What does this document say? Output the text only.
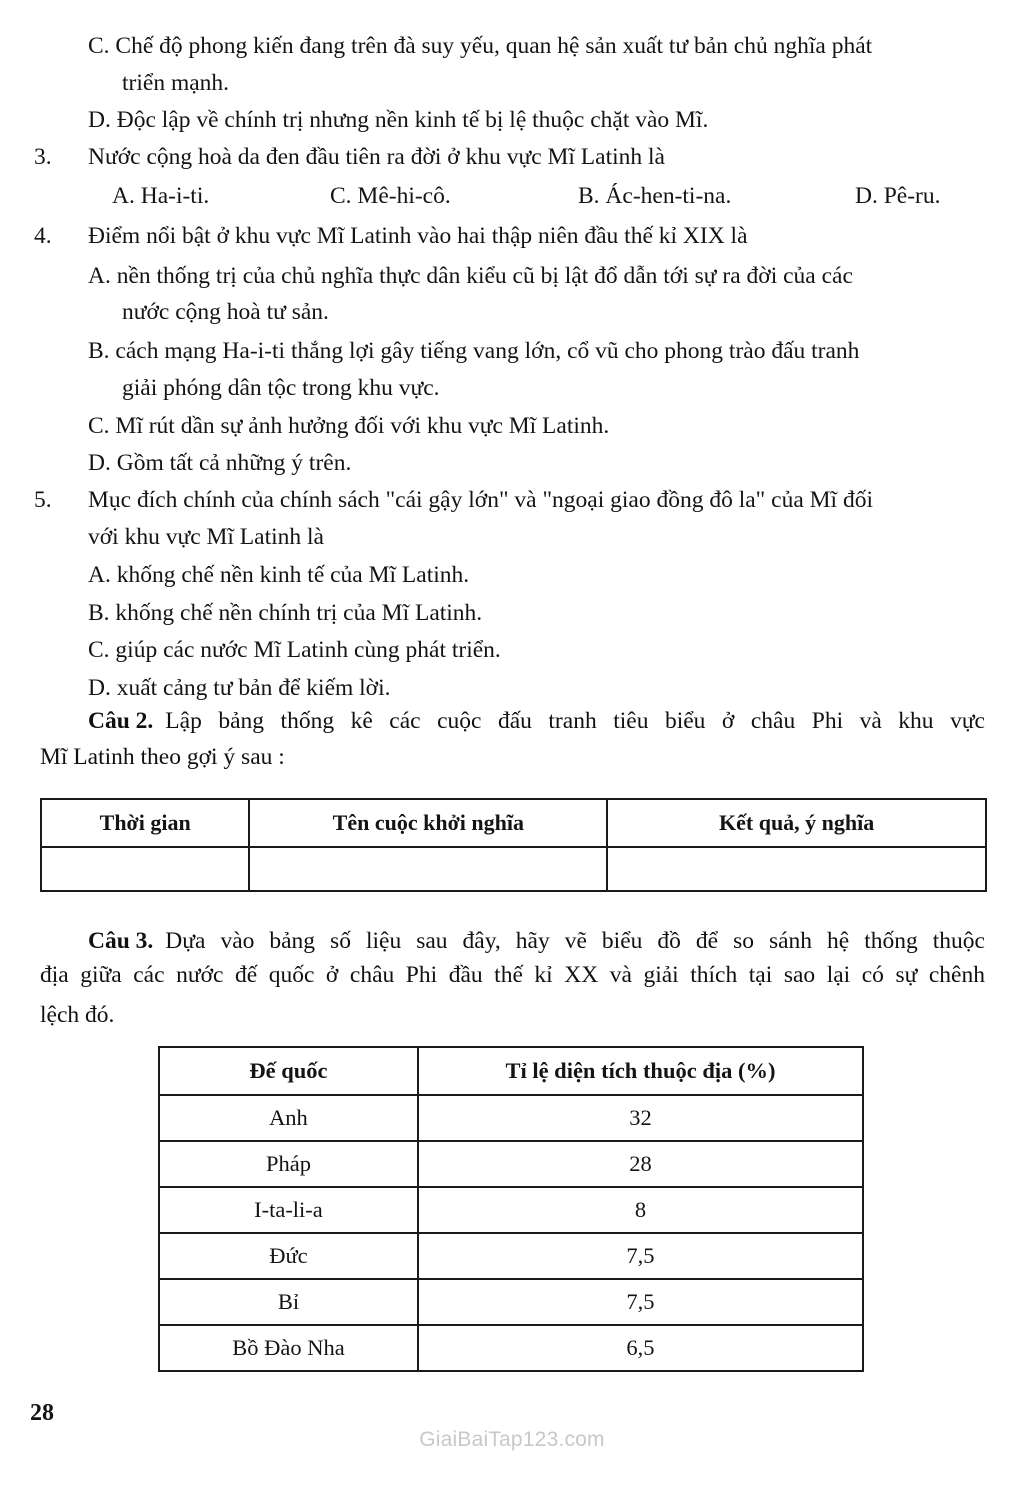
C. Chế độ phong kiến đang trên đà suy yếu, quan hệ sản xuất tư bản chủ nghĩa phát
triển mạnh.
D. Độc lập về chính trị nhưng nền kinh tế bị lệ thuộc chặt vào Mĩ.
3. Nước cộng hoà da đen đầu tiên ra đời ở khu vực Mĩ Latinh là
A. Ha-i-ti.	C. Mê-hi-cô.	B. Ác-hen-ti-na.	D. Pê-ru.
4. Điểm nổi bật ở khu vực Mĩ Latinh vào hai thập niên đầu thế kỉ XIX là
A. nền thống trị của chủ nghĩa thực dân kiểu cũ bị lật đổ dẫn tới sự ra đời của các
nước cộng hoà tư sản.
B. cách mạng Ha-i-ti thắng lợi gây tiếng vang lớn, cổ vũ cho phong trào đấu tranh
giải phóng dân tộc trong khu vực.
C. Mĩ rút dần sự ảnh hưởng đối với khu vực Mĩ Latinh.
D. Gồm tất cả những ý trên.
5. Mục đích chính của chính sách "cái gậy lớn" và "ngoại giao đồng đô la" của Mĩ đối
với khu vực Mĩ Latinh là
A. khống chế nền kinh tế của Mĩ Latinh.
B. khống chế nền chính trị của Mĩ Latinh.
C. giúp các nước Mĩ Latinh cùng phát triển.
D. xuất cảng tư bản để kiếm lời.
Câu 2. Lập bảng thống kê các cuộc đấu tranh tiêu biểu ở châu Phi và khu vực
Mĩ Latinh theo gợi ý sau :
Thời gian	Tên cuộc khởi nghĩa	Kết quả, ý nghĩa

Câu 3. Dựa vào bảng số liệu sau đây, hãy vẽ biểu đồ để so sánh hệ thống thuộc
địa giữa các nước đế quốc ở châu Phi đầu thế kỉ XX và giải thích tại sao lại có sự chênh
lệch đó.
Đế quốc	Tỉ lệ diện tích thuộc địa (%)
Anh	32
Pháp	28
I-ta-li-a	8
Đức	7,5
Bỉ	7,5
Bồ Đào Nha	6,5
28
GiaiBaiTap123.com
